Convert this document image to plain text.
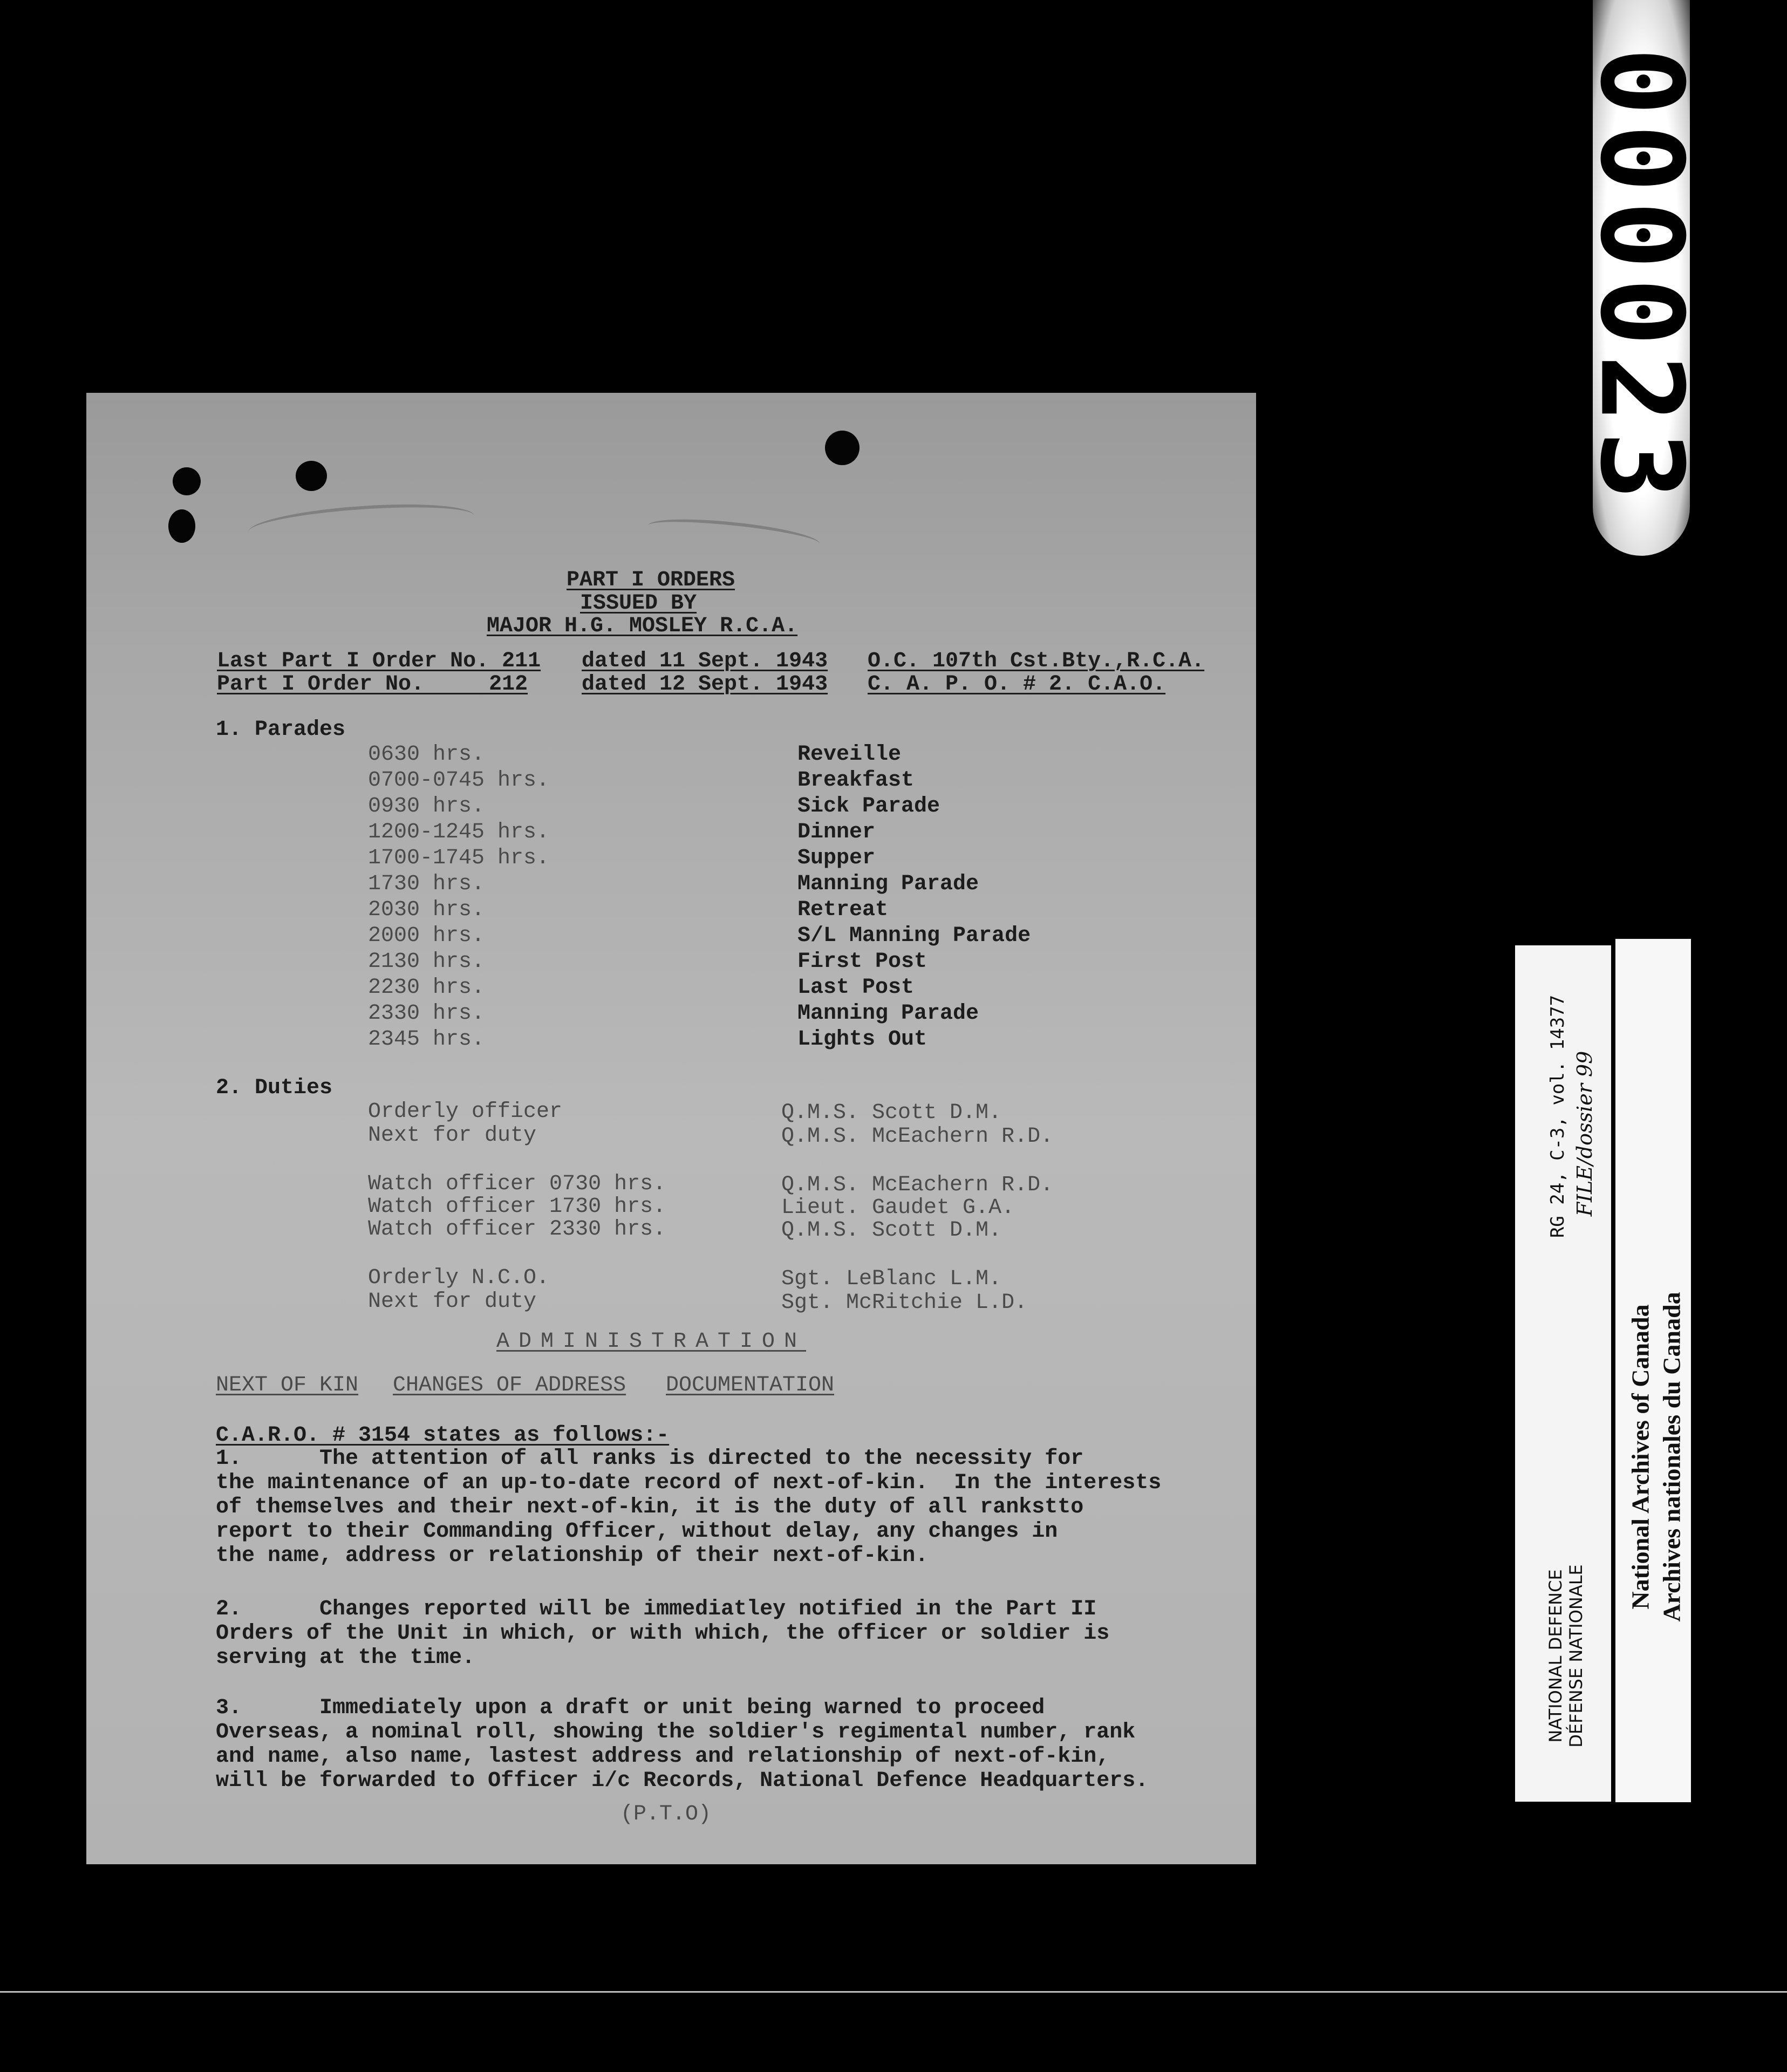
000023
RG 24, C-3, vol. 14377 FILE/dossier 99
NATIONAL DEFENCE DÉFENSE NATIONALE
National Archives of Canada Archives nationales du Canada
PART I ORDERS
ISSUED BY
MAJOR H.G. MOSLEY R.C.A.
Last Part I Order No. 211 dated 11 Sept. 1943 O.C. 107th Cst.Bty.,R.C.A.
Part I Order No.     212 dated 12 Sept. 1943 C. A. P. O. # 2. C.A.O.
1. Parades
0630 hrs.	Reveille
0700-0745 hrs.	Breakfast
0930 hrs.	Sick Parade
1200-1245 hrs.	Dinner
1700-1745 hrs.	Supper
1730 hrs.	Manning Parade
2030 hrs.	Retreat
2000 hrs.	S/L Manning Parade
2130 hrs.	First Post
2230 hrs.	Last Post
2330 hrs.	Manning Parade
2345 hrs.	Lights Out
2. Duties
Orderly officer	Q.M.S. Scott D.M.
Next for duty	Q.M.S. McEachern R.D.
Watch officer 0730 hrs.	Q.M.S. McEachern R.D.
Watch officer 1730 hrs.	Lieut. Gaudet G.A.
Watch officer 2330 hrs.	Q.M.S. Scott D.M.
Orderly N.C.O.	Sgt. LeBlanc L.M.
Next for duty	Sgt. McRitchie L.D.
ADMINISTRATION
NEXT OF KIN CHANGES OF ADDRESS DOCUMENTATION
C.A.R.O. # 3154 states as follows:-
1.      The attention of all ranks is directed to the necessity for
the maintenance of an up-to-date record of next-of-kin.  In the interests
of themselves and their next-of-kin, it is the duty of all rankstto
report to their Commanding Officer, without delay, any changes in
the name, address or relationship of their next-of-kin.
2.      Changes reported will be immediatley notified in the Part II
Orders of the Unit in which, or with which, the officer or soldier is
serving at the time.
3.      Immediately upon a draft or unit being warned to proceed
Overseas, a nominal roll, showing the soldier's regimental number, rank
and name, also name, lastest address and relationship of next-of-kin,
will be forwarded to Officer i/c Records, National Defence Headquarters.
(P.T.O)
